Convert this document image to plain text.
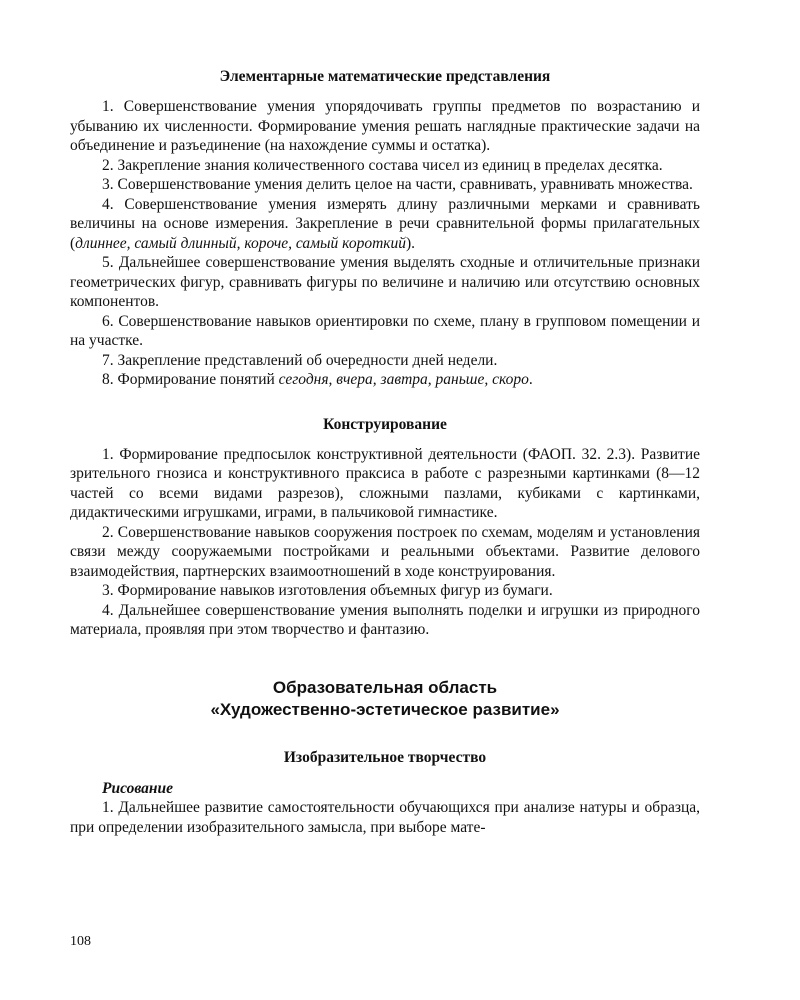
Элементарные математические представления

1. Совершенствование умения упорядочивать группы предметов по возрастанию и убыванию их численности. Формирование умения решать наглядные практические задачи на объединение и разъединение (на нахождение суммы и остатка).

2. Закрепление знания количественного состава чисел из единиц в пределах десятка.

3. Совершенствование умения делить целое на части, сравнивать, уравнивать множества.

4. Совершенствование умения измерять длину различными мерками и сравнивать величины на основе измерения. Закрепление в речи сравнительной формы прилагательных (длиннее, самый длинный, короче, самый короткий).

5. Дальнейшее совершенствование умения выделять сходные и отличительные признаки геометрических фигур, сравнивать фигуры по величине и наличию или отсутствию основных компонентов.

6. Совершенствование навыков ориентировки по схеме, плану в групповом помещении и на участке.

7. Закрепление представлений об очередности дней недели.

8. Формирование понятий сегодня, вчера, завтра, раньше, скоро.

Конструирование

1. Формирование предпосылок конструктивной деятельности (ФАОП. 32. 2.3). Развитие зрительного гнозиса и конструктивного праксиса в работе с разрезными картинками (8—12 частей со всеми видами разрезов), сложными пазлами, кубиками с картинками, дидактическими игрушками, играми, в пальчиковой гимнастике.

2. Совершенствование навыков сооружения построек по схемам, моделям и установления связи между сооружаемыми постройками и реальными объектами. Развитие делового взаимодействия, партнерских взаимоотношений в ходе конструирования.

3. Формирование навыков изготовления объемных фигур из бумаги.

4. Дальнейшее совершенствование умения выполнять поделки и игрушки из природного материала, проявляя при этом творчество и фантазию.

Образовательная область

«Художественно-эстетическое развитие»

Изобразительное творчество

Рисование

1. Дальнейшее развитие самостоятельности обучающихся при анализе натуры и образца, при определении изобразительного замысла, при выборе мате-

108
